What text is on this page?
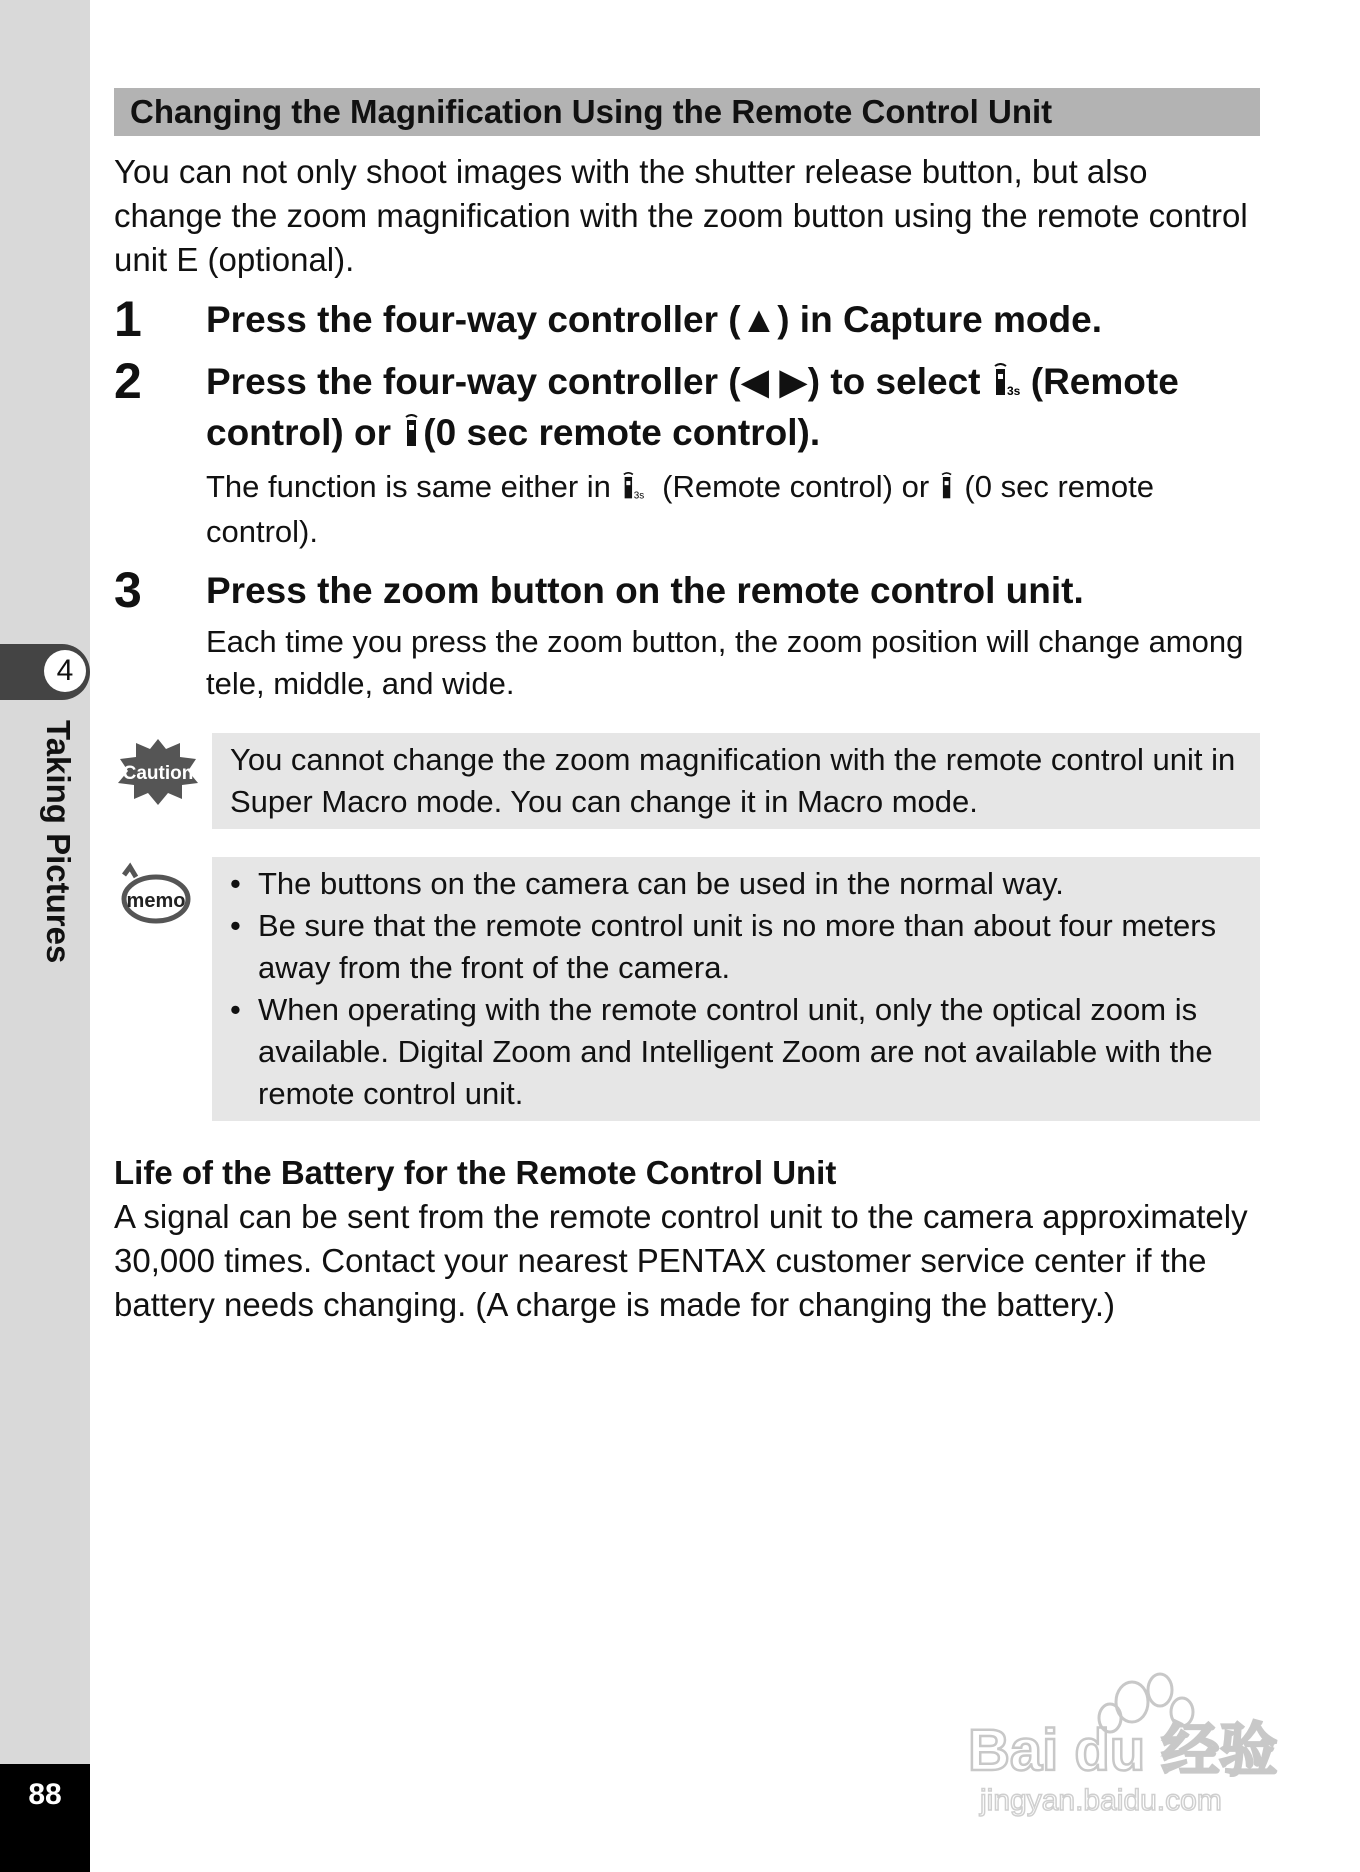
4
Taking Pictures
88
Changing the Magnification Using the Remote Control Unit
You can not only shoot images with the shutter release button, but also change the zoom magnification with the zoom button using the remote control unit E (optional).
1 Press the four-way controller (▲) in Capture mode.
2 Press the four-way controller (◀ ▶) to select 3s (Remote control) or (0 sec remote control).
The function is same either in 3s (Remote control) or  (0 sec remote control).
3 Press the zoom button on the remote control unit.
Each time you press the zoom button, the zoom position will change among tele, middle, and wide.
Caution	You cannot change the zoom magnification with the remote control unit in Super Macro mode. You can change it in Macro mode.
memo
•	The buttons on the camera can be used in the normal way.
• Be sure that the remote control unit is no more than about four meters away from the front of the camera.
• When operating with the remote control unit, only the optical zoom is available. Digital Zoom and Intelligent Zoom are not available with the remote control unit.
Life of the Battery for the Remote Control Unit
A signal can be sent from the remote control unit to the camera approximately 30,000 times. Contact your nearest PENTAX customer service center if the battery needs changing. (A charge is made for changing the battery.)
Bai du 经验
jingyan.baidu.com
